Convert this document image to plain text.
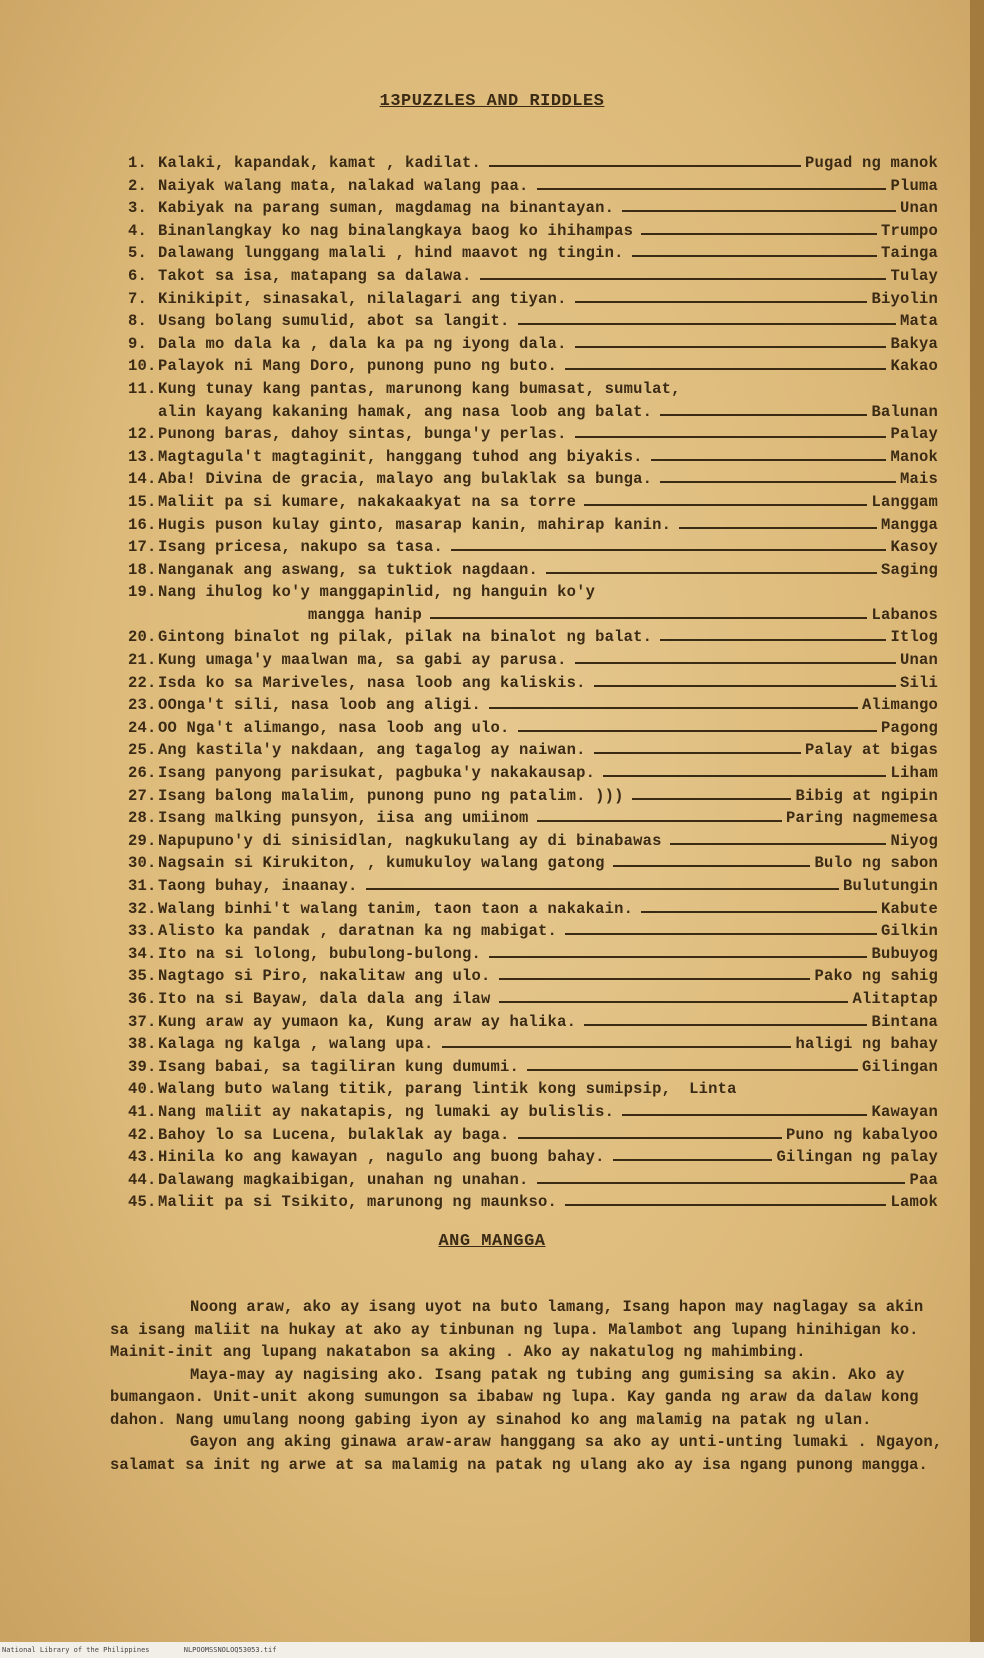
13PUZZLES AND RIDDLES
1. Kalaki, kapandak, kamat , kadilat.	Pugad ng manok
2. Naiyak walang mata, nalakad walang paa.	Pluma
3. Kabiyak na parang suman, magdamag na binantayan.	Unan
4. Binanlangkay ko nag binalangkaya baog ko ihihampas	Trumpo
5. Dalawang lunggang malali , hind maavot ng tingin.	Tainga
6. Takot sa isa, matapang sa dalawa.	Tulay
7. Kinikipit, sinasakal, nilalagari ang tiyan.	Biyolin
8. Usang bolang sumulid, abot sa langit.	Mata
9. Dala mo dala ka , dala ka pa ng iyong dala.	Bakya
10. Palayok ni Mang Doro, punong puno ng buto.	Kakao
11. Kung tunay kang pantas, marunong kang bumasat, sumulat,
alin kayang kakaning hamak, ang nasa loob ang balat.	Balunan
12. Punong baras, dahoy sintas, bunga'y perlas.	Palay
13. Magtagula't magtaginit, hanggang tuhod ang biyakis.	Manok
14. Aba! Divina de gracia, malayo ang bulaklak sa bunga.	Mais
15. Maliit pa si kumare, nakakaakyat na sa torre	Langgam
16. Hugis puson kulay ginto, masarap kanin, mahirap kanin.	Mangga
17. Isang pricesa, nakupo sa tasa.	Kasoy
18. Nanganak ang aswang, sa tuktiok nagdaan.	Saging
19. Nang ihulog ko'y manggapinlid, ng hanguin ko'y
mangga hanip	Labanos
20. Gintong binalot ng pilak, pilak na binalot ng balat.	Itlog
21. Kung umaga'y maalwan ma, sa gabi ay parusa.	Unan
22. Isda ko sa Mariveles, nasa loob ang kaliskis.	Sili
23. OOnga't sili, nasa loob ang aligi.	Alimango
24. OO Nga't alimango, nasa loob ang ulo.	Pagong
25. Ang kastila'y nakdaan, ang tagalog ay naiwan.	Palay at bigas
26. Isang panyong parisukat, pagbuka'y nakakausap.	Liham
27. Isang balong malalim, punong puno ng patalim. )))	Bibig at ngipin
28. Isang malking punsyon, iisa ang umiinom	Paring nagmemesa
29. Napupuno'y di sinisidlan, nagkukulang ay di binabawas	Niyog
30. Nagsain si Kirukiton, , kumukuloy walang gatong	Bulo ng sabon
31. Taong buhay, inaanay.	Bulutungin
32. Walang binhi't walang tanim, taon taon a nakakain.	Kabute
33. Alisto ka pandak , daratnan ka ng mabigat.	Gilkin
34. Ito na si lolong, bubulong-bulong.	Bubuyog
35. Nagtago si Piro, nakalitaw ang ulo.	Pako ng sahig
36. Ito na si Bayaw, dala dala ang ilaw	Alitaptap
37. Kung araw ay yumaon ka, Kung araw ay halika.	Bintana
38. Kalaga ng kalga , walang upa.	haligi ng bahay
39. Isang babai, sa tagiliran kung dumumi.	Gilingan
40. Walang buto walang titik, parang lintik kong sumipsip, Linta
41. Nang maliit ay nakatapis, ng lumaki ay bulislis.	Kawayan
42. Bahoy lo sa Lucena, bulaklak ay baga.	Puno ng kabalyoo
43. Hinila ko ang kawayan , nagulo ang buong bahay.	Gilingan ng palay
44. Dalawang magkaibigan, unahan ng unahan.	Paa
45. Maliit pa si Tsikito, marunong ng maunkso.	Lamok
ANG MANGGA

Noong araw, ako ay isang uyot na buto lamang, Isang hapon may naglagay sa akin sa isang maliit na hukay at ako ay tinbunan ng lupa. Malambot ang lupang hinihigan ko. Mainit-init ang lupang nakatabon sa aking . Ako ay nakatulog ng mahimbing.

Maya-may ay nagising ako. Isang patak ng tubing ang gumising sa akin. Ako ay bumangaon. Unit-unit akong sumungon sa ibabaw ng lupa. Kay ganda ng araw da dalaw kong dahon. Nang umulang noong gabing iyon ay sinahod ko ang malamig na patak ng ulan.

Gayon ang aking ginawa araw-araw hanggang sa ako ay unti-unting lumaki . Ngayon, salamat sa init ng arwe at sa malamig na patak ng ulang ako ay isa ngang punong mangga.

National Library of the Philippines	NLPOOMSSNOLOQ53053.tif
